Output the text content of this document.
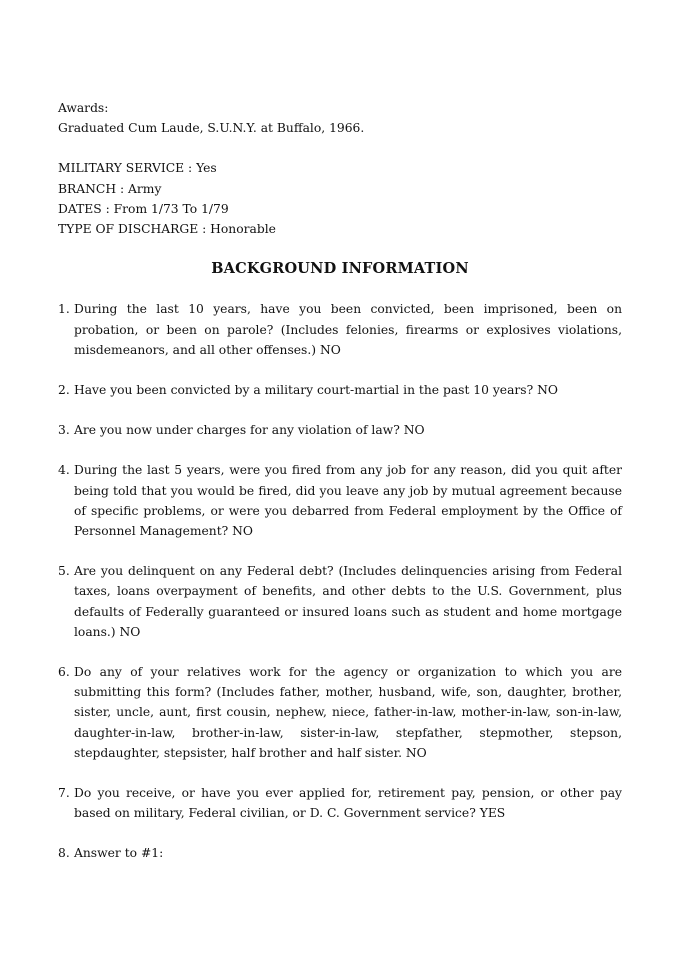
Awards:
Graduated Cum Laude, S.U.N.Y. at Buffalo, 1966.
MILITARY SERVICE : Yes
BRANCH : Army
DATES : From 1/73 To 1/79
TYPE OF DISCHARGE : Honorable
BACKGROUND INFORMATION
1. During the last 10 years, have you been convicted, been imprisoned, been on probation, or been on parole? (Includes felonies, firearms or explosives violations, misdemeanors, and all other offenses.) NO
2. Have you been convicted by a military court-martial in the past 10 years? NO
3. Are you now under charges for any violation of law? NO
4. During the last 5 years, were you fired from any job for any reason, did you quit after being told that you would be fired, did you leave any job by mutual agreement because of specific problems, or were you debarred from Federal employment by the Office of Personnel Management? NO
5. Are you delinquent on any Federal debt? (Includes delinquencies arising from Federal taxes, loans overpayment of benefits, and other debts to the U.S. Government, plus defaults of Federally guaranteed or insured loans such as student and home mortgage loans.) NO
6. Do any of your relatives work for the agency or organization to which you are submitting this form? (Includes father, mother, husband, wife, son, daughter, brother, sister, uncle, aunt, first cousin, nephew, niece, father-in-law, mother-in-law, son-in-law, daughter-in-law, brother-in-law, sister-in-law, stepfather, stepmother, stepson, stepdaughter, stepsister, half brother and half sister. NO
7. Do you receive, or have you ever applied for, retirement pay, pension, or other pay based on military, Federal civilian, or D. C. Government service? YES
8. Answer to #1:
